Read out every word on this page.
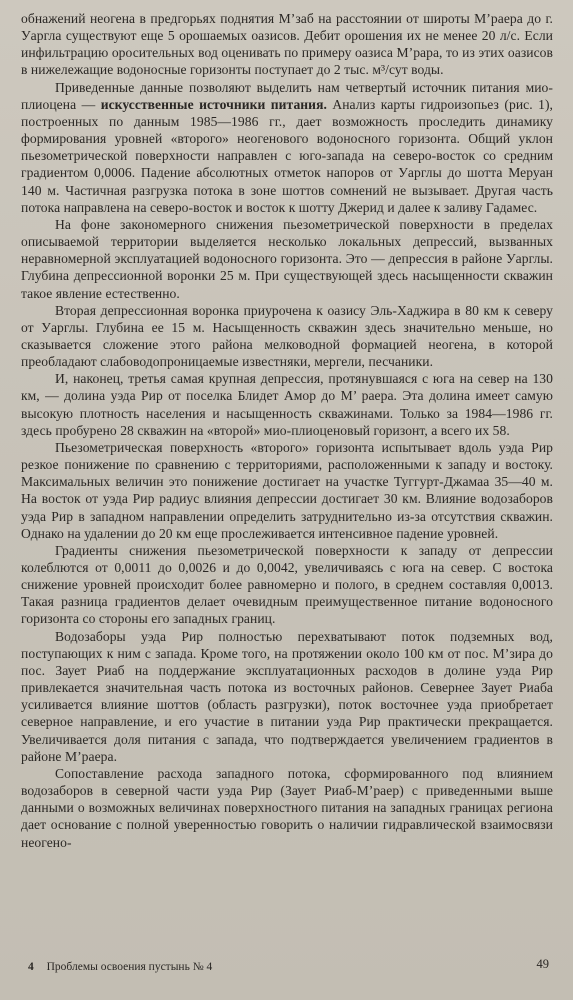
обнажений неогена в предгорьях поднятия М’заб на расстоянии от широты М’раера до г. Уаргла существуют еще 5 орошаемых оазисов. Дебит орошения их не менее 20 л/с. Если инфильтрацию оросительных вод оценивать по примеру оазиса М’рара, то из этих оазисов в нижележащие водоносные горизонты поступает до 2 тыс. м³/сут воды.

Приведенные данные позволяют выделить нам четвертый источник питания мио-плиоцена — искусственные источники питания. Анализ карты гидроизопьез (рис. 1), построенных по данным 1985—1986 гг., дает возможность проследить динамику формирования уровней «второго» неогенового водоносного горизонта. Общий уклон пьезометрической поверхности направлен с юго-запада на северо-восток со средним градиентом 0,0006. Падение абсолютных отметок напоров от Уарглы до шотта Меруан 140 м. Частичная разгрузка потока в зоне шоттов сомнений не вызывает. Другая часть потока направлена на северо-восток и восток к шотту Джерид и далее к заливу Гадамес.

На фоне закономерного снижения пьезометрической поверхности в пределах описываемой территории выделяется несколько локальных депрессий, вызванных неравномерной эксплуатацией водоносного горизонта. Это — депрессия в районе Уарглы. Глубина депрессионной воронки 25 м. При существующей здесь насыщенности скважин такое явление естественно.

Вторая депрессионная воронка приурочена к оазису Эль-Хаджира в 80 км к северу от Уарглы. Глубина ее 15 м. Насыщенность скважин здесь значительно меньше, но сказывается сложение этого района мелководной формацией неогена, в которой преобладают слабоводопроницаемые известняки, мергели, песчаники.

И, наконец, третья самая крупная депрессия, протянувшаяся с юга на север на 130 км, — долина уэда Рир от поселка Блидет Амор до М’ раера. Эта долина имеет самую высокую плотность населения и насыщенность скважинами. Только за 1984—1986 гг. здесь пробурено 28 скважин на «второй» мио-плиоценовый горизонт, а всего их 58.

Пьезометрическая поверхность «второго» горизонта испытывает вдоль уэда Рир резкое понижение по сравнению с территориями, расположенными к западу и востоку. Максимальных величин это понижение достигает на участке Туггурт-Джамаа 35—40 м. На восток от уэда Рир радиус влияния депрессии достигает 30 км. Влияние водозаборов уэда Рир в западном направлении определить затруднительно из-за отсутствия скважин. Однако на удалении до 20 км еще прослеживается интенсивное падение уровней.

Градиенты снижения пьезометрической поверхности к западу от депрессии колеблются от 0,0011 до 0,0026 и до 0,0042, увеличиваясь с юга на север. С востока снижение уровней происходит более равномерно и полого, в среднем составляя 0,0013. Такая разница градиентов делает очевидным преимущественное питание водоносного горизонта со стороны его западных границ.

Водозаборы уэда Рир полностью перехватывают поток подземных вод, поступающих к ним с запада. Кроме того, на протяжении около 100 км от пос. М’зира до пос. Заует Риаб на поддержание эксплуатационных расходов в долине уэда Рир привлекается значительная часть потока из восточных районов. Севернее Заует Риаба усиливается влияние шоттов (область разгрузки), поток восточнее уэда приобретает северное направление, и его участие в питании уэда Рир практически прекращается. Увеличивается доля питания с запада, что подтверждается увеличением градиентов в районе М’раера.

Сопоставление расхода западного потока, сформированного под влиянием водозаборов в северной части уэда Рир (Заует Риаб-М’раер) с приведенными выше данными о возможных величинах поверхностного питания на западных границах региона дает основание с полной уверенностью говорить о наличии гидравлической взаимосвязи неогено-

4 Проблемы освоения пустынь № 4	49
